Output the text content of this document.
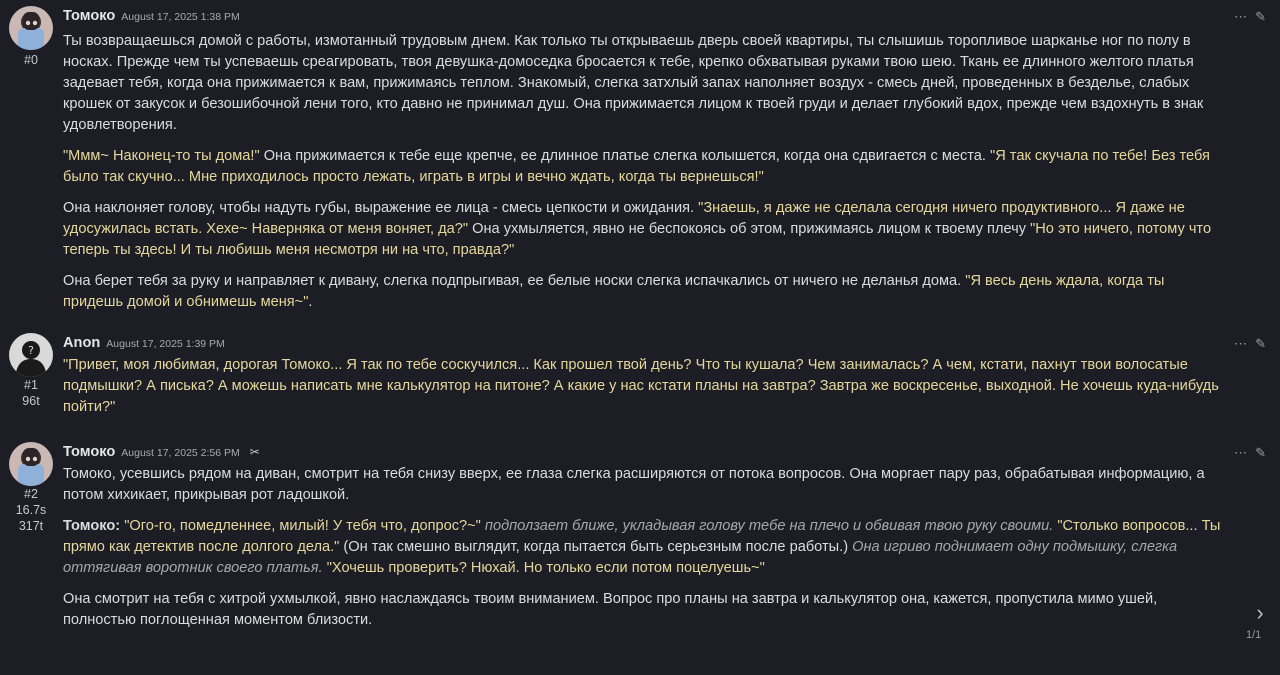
#0
Томоко August 17, 2025 1:38 PM	⋯ ✎

Ты возвращаешься домой с работы, измотанный трудовым днем. Как только ты открываешь дверь своей квартиры, ты слышишь торопливое шарканье ног по полу в носках. Прежде чем ты успеваешь среагировать, твоя девушка-домоседка бросается к тебе, крепко обхватывая руками твою шею. Ткань ее длинного желтого платья задевает тебя, когда она прижимается к вам, прижимаясь теплом. Знакомый, слегка затхлый запах наполняет воздух - смесь дней, проведенных в безделье, слабых крошек от закусок и безошибочной лени того, кто давно не принимал душ. Она прижимается лицом к твоей груди и делает глубокий вдох, прежде чем вздохнуть в знак удовлетворения.

"Ммм~ Наконец-то ты дома!" Она прижимается к тебе еще крепче, ее длинное платье слегка колышется, когда она сдвигается с места. "Я так скучала по тебе! Без тебя было так скучно... Мне приходилось просто лежать, играть в игры и вечно ждать, когда ты вернешься!"

Она наклоняет голову, чтобы надуть губы, выражение ее лица - смесь цепкости и ожидания. "Знаешь, я даже не сделала сегодня ничего продуктивного... Я даже не удосужилась встать. Хехе~ Наверняка от меня воняет, да?" Она ухмыляется, явно не беспокоясь об этом, прижимаясь лицом к твоему плечу "Но это ничего, потому что теперь ты здесь! И ты любишь меня несмотря ни на что, правда?"

Она берет тебя за руку и направляет к дивану, слегка подпрыгивая, ее белые носки слегка испачкались от ничего не деланья дома. "Я весь день ждала, когда ты придешь домой и обнимешь меня~".

?
#1
96t
Anon August 17, 2025 1:39 PM	⋯ ✎

"Привет, моя любимая, дорогая Томоко... Я так по тебе соскучился... Как прошел твой день? Что ты кушала? Чем занималась? А чем, кстати, пахнут твои волосатые подмышки? А писька? А можешь написать мне калькулятор на питоне? А какие у нас кстати планы на завтра? Завтра же воскресенье, выходной. Не хочешь куда-нибудь пойти?"

#2
16.7s
317t
Томоко August 17, 2025 2:56 PM ✂	⋯ ✎

Томоко, усевшись рядом на диван, смотрит на тебя снизу вверх, ее глаза слегка расширяются от потока вопросов. Она моргает пару раз, обрабатывая информацию, а потом хихикает, прикрывая рот ладошкой.

Томоко: "Ого-го, помедленнее, милый! У тебя что, допрос?~" подползает ближе, укладывая голову тебе на плечо и обвивая твою руку своими. "Столько вопросов... Ты прямо как детектив после долгого дела." (Он так смешно выглядит, когда пытается быть серьезным после работы.) Она игриво поднимает одну подмышку, слегка оттягивая воротник своего платья. "Хочешь проверить? Нюхай. Но только если потом поцелуешь~"

Она смотрит на тебя с хитрой ухмылкой, явно наслаждаясь твоим вниманием. Вопрос про планы на завтра и калькулятор она, кажется, пропустила мимо ушей, полностью поглощенная моментом близости.	›
1/1
